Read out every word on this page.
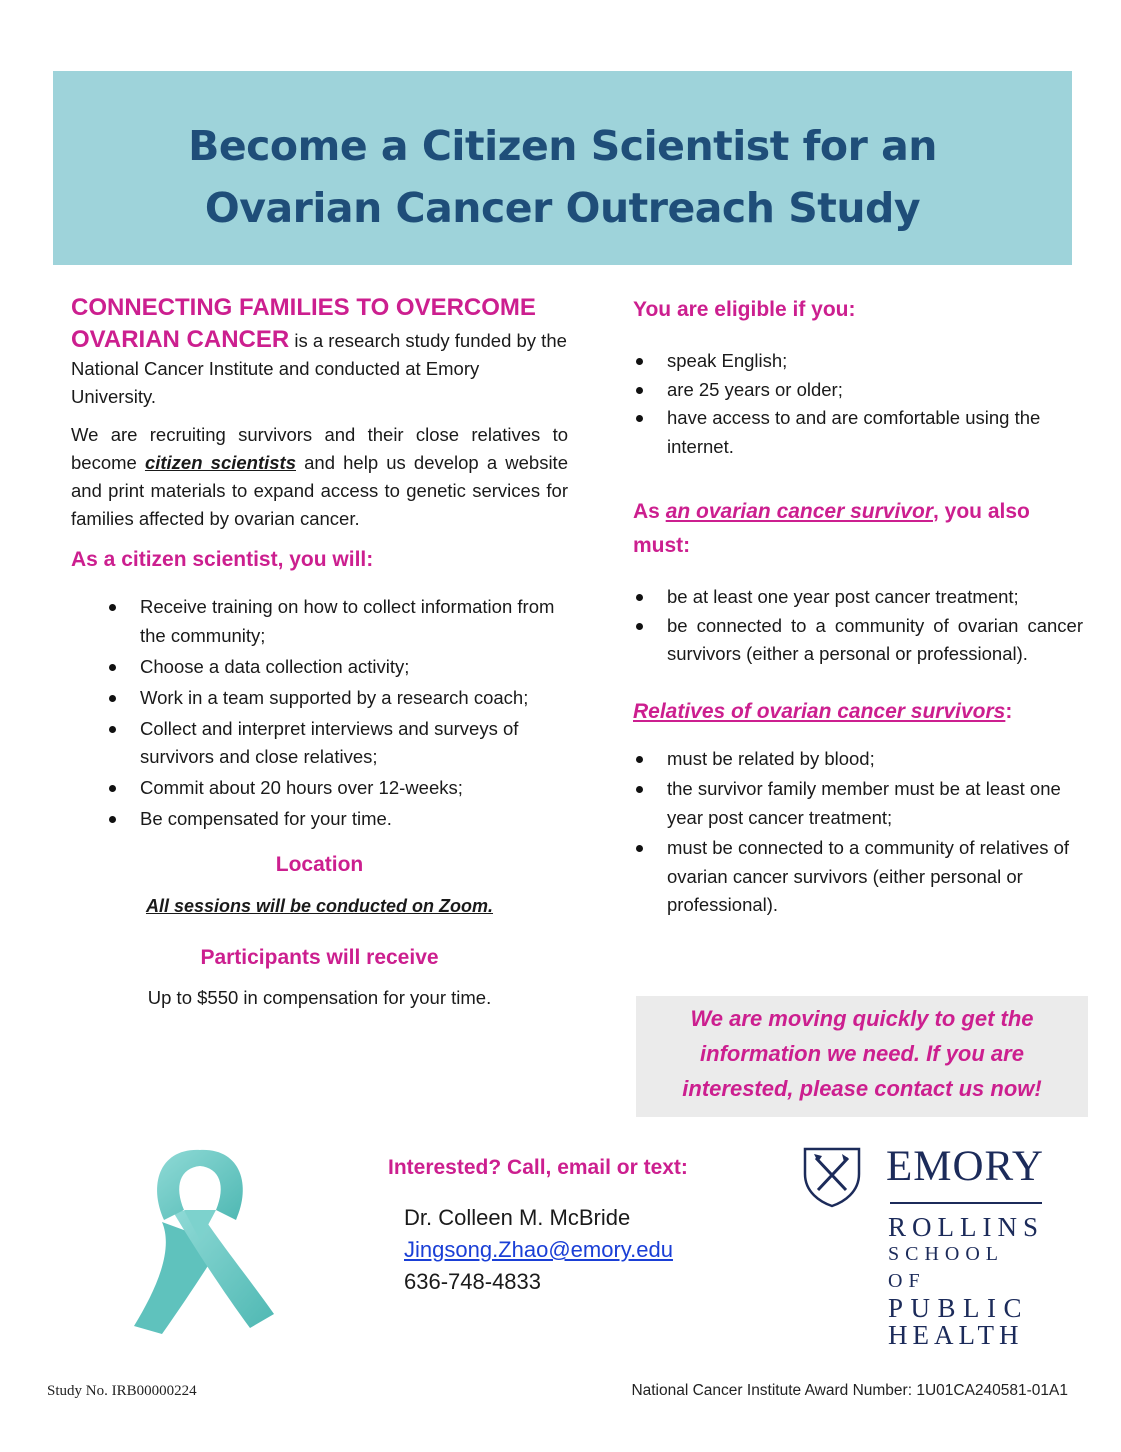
Become a Citizen Scientist for an
Ovarian Cancer Outreach Study
CONNECTING FAMILIES TO OVERCOME

OVARIAN CANCER is a research study funded by the National Cancer Institute and conducted at Emory University.

We are recruiting survivors and their close relatives to become citizen scientists and help us develop a website and print materials to expand access to genetic services for families affected by ovarian cancer.

As a citizen scientist, you will:
Receive training on how to collect information from the community;
Choose a data collection activity;
Work in a team supported by a research coach;
Collect and interpret interviews and surveys of survivors and close relatives;
Commit about 20 hours over 12-weeks;
Be compensated for your time.
Location
All sessions will be conducted on Zoom.
Participants will receive
Up to $550 in compensation for your time.
You are eligible if you:
speak English;
are 25 years or older;
have access to and are comfortable using the internet.
As an ovarian cancer survivor, you also must:
be at least one year post cancer treatment;
be connected to a community of ovarian cancer survivors (either a personal or professional).
Relatives of ovarian cancer survivors:
must be related by blood;
the survivor family member must be at least one year post cancer treatment;
must be connected to a community of relatives of ovarian cancer survivors (either personal or professional).
We are moving quickly to get the
information we need. If you are
interested, please contact us now!
Interested? Call, email or text:
Dr. Colleen M. McBride
Jingsong.Zhao@emory.edu
636-748-4833
EMORY
ROLLINS
SCHOOL OF
PUBLIC
HEALTH
Study No. IRB00000224	National Cancer Institute Award Number: 1U01CA240581-01A1
